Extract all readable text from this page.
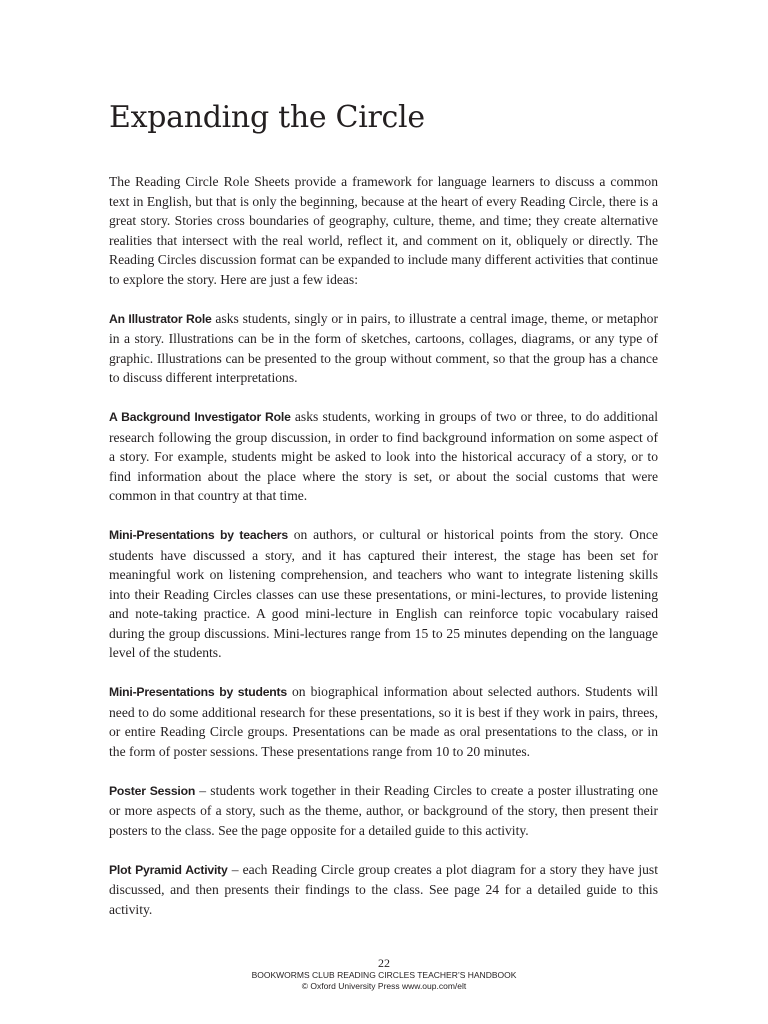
Expanding the Circle

The Reading Circle Role Sheets provide a framework for language learners to discuss a common text in English, but that is only the beginning, because at the heart of every Reading Circle, there is a great story. Stories cross boundaries of geography, culture, theme, and time; they create alternative realities that intersect with the real world, reflect it, and comment on it, obliquely or directly. The Reading Circles discussion format can be expanded to include many different activities that continue to explore the story. Here are just a few ideas:

An Illustrator Role asks students, singly or in pairs, to illustrate a central image, theme, or metaphor in a story. Illustrations can be in the form of sketches, cartoons, collages, diagrams, or any type of graphic. Illustrations can be presented to the group without comment, so that the group has a chance to discuss different interpretations.

A Background Investigator Role asks students, working in groups of two or three, to do additional research following the group discussion, in order to find background information on some aspect of a story. For example, students might be asked to look into the historical accuracy of a story, or to find information about the place where the story is set, or about the social customs that were common in that country at that time.

Mini-Presentations by teachers on authors, or cultural or historical points from the story. Once students have discussed a story, and it has captured their interest, the stage has been set for meaningful work on listening comprehension, and teachers who want to integrate listening skills into their Reading Circles classes can use these presentations, or mini-lectures, to provide listening and note-taking practice. A good mini-lecture in English can reinforce topic vocabulary raised during the group discussions. Mini-lectures range from 15 to 25 minutes depending on the language level of the students.

Mini-Presentations by students on biographical information about selected authors. Students will need to do some additional research for these presentations, so it is best if they work in pairs, threes, or entire Reading Circle groups. Presentations can be made as oral presentations to the class, or in the form of poster sessions. These presentations range from 10 to 20 minutes.

Poster Session – students work together in their Reading Circles to create a poster illustrating one or more aspects of a story, such as the theme, author, or background of the story, then present their posters to the class. See the page opposite for a detailed guide to this activity.

Plot Pyramid Activity – each Reading Circle group creates a plot diagram for a story they have just discussed, and then presents their findings to the class. See page 24 for a detailed guide to this activity.

22
BOOKWORMS CLUB READING CIRCLES TEACHER’S HANDBOOK
© Oxford University Press www.oup.com/elt
